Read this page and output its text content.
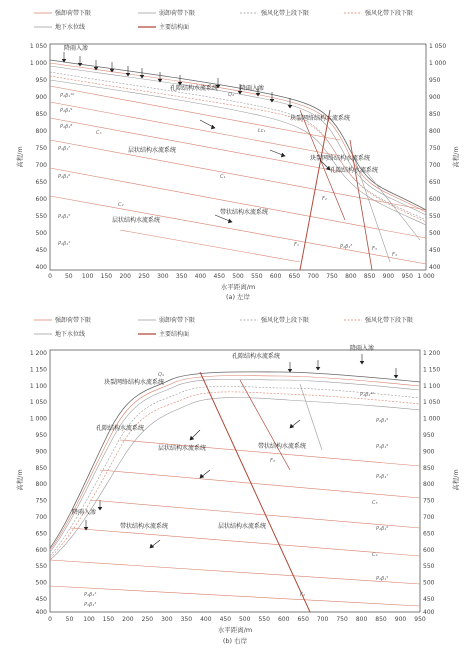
强卸荷带下限	弱卸荷带下限	强风化带上段下限	强风化带下段下限
地下水位线	主要结构面
1 050
1 000
950
900
850
800
750
700
650
600
550
500
450
400
高程/m
1 050
1 000
950
900
850
800
750
700
650
600
550
500
450
400
高程/m
0 50 100 150 200 250 300 350 400 450 500 550 600 650 700 750 800 850 900 950 1 000
水平距离/m
(a) 左岸
降雨入渗
孔隙结构水流系统	降雨入渗
块裂网络结构水流系统
层状结构水流系统
块裂网络结构水流系统
孔隙结构水流系统
带状结构水流系统
层状结构水流系统
Q₄
P₂β₁¹⁰
P₂β₁⁹
P₂β₁⁸
C₃
P₂β₁⁷
P₂β₁⁶
P₂β₁⁵
C₂
P₂β₁⁴
C₁
P₂β₁³
Lc₁
F₁
F₂
F₃
F₄
强卸荷带下限	弱卸荷带下限	强风化带上段下限	强风化带下段下限
地下水位线	主要结构面
1 200
1 150
1 100
1 050
1 000
950
900
850
800
750
700
650
600
550
500
450
400
高程/m
1 200
1 150
1 100
1 050
1 000
950
900
850
800
750
700
650
600
550
500
450
400
高程/m
0 50 100 150 200 250 300 350 400 450 500 550 600 650 700 750 800 850 900 950
水平距离/m
(b) 右岸
孔隙结构水流系统
降雨入渗
块裂网络结构水流系统
孔隙结构水流系统
层状结构水流系统	带状结构水流系统
降雨入渗
带状结构水流系统	层状结构水流系统
Q₄
P₂β₁¹⁰
P₂β₁⁹
P₂β₁⁸
P₂β₁⁷
C₃
P₂β₁⁶
C₂
P₂β₁⁵
P₂β₁⁴
P₂β₁³
F₂
F₃
